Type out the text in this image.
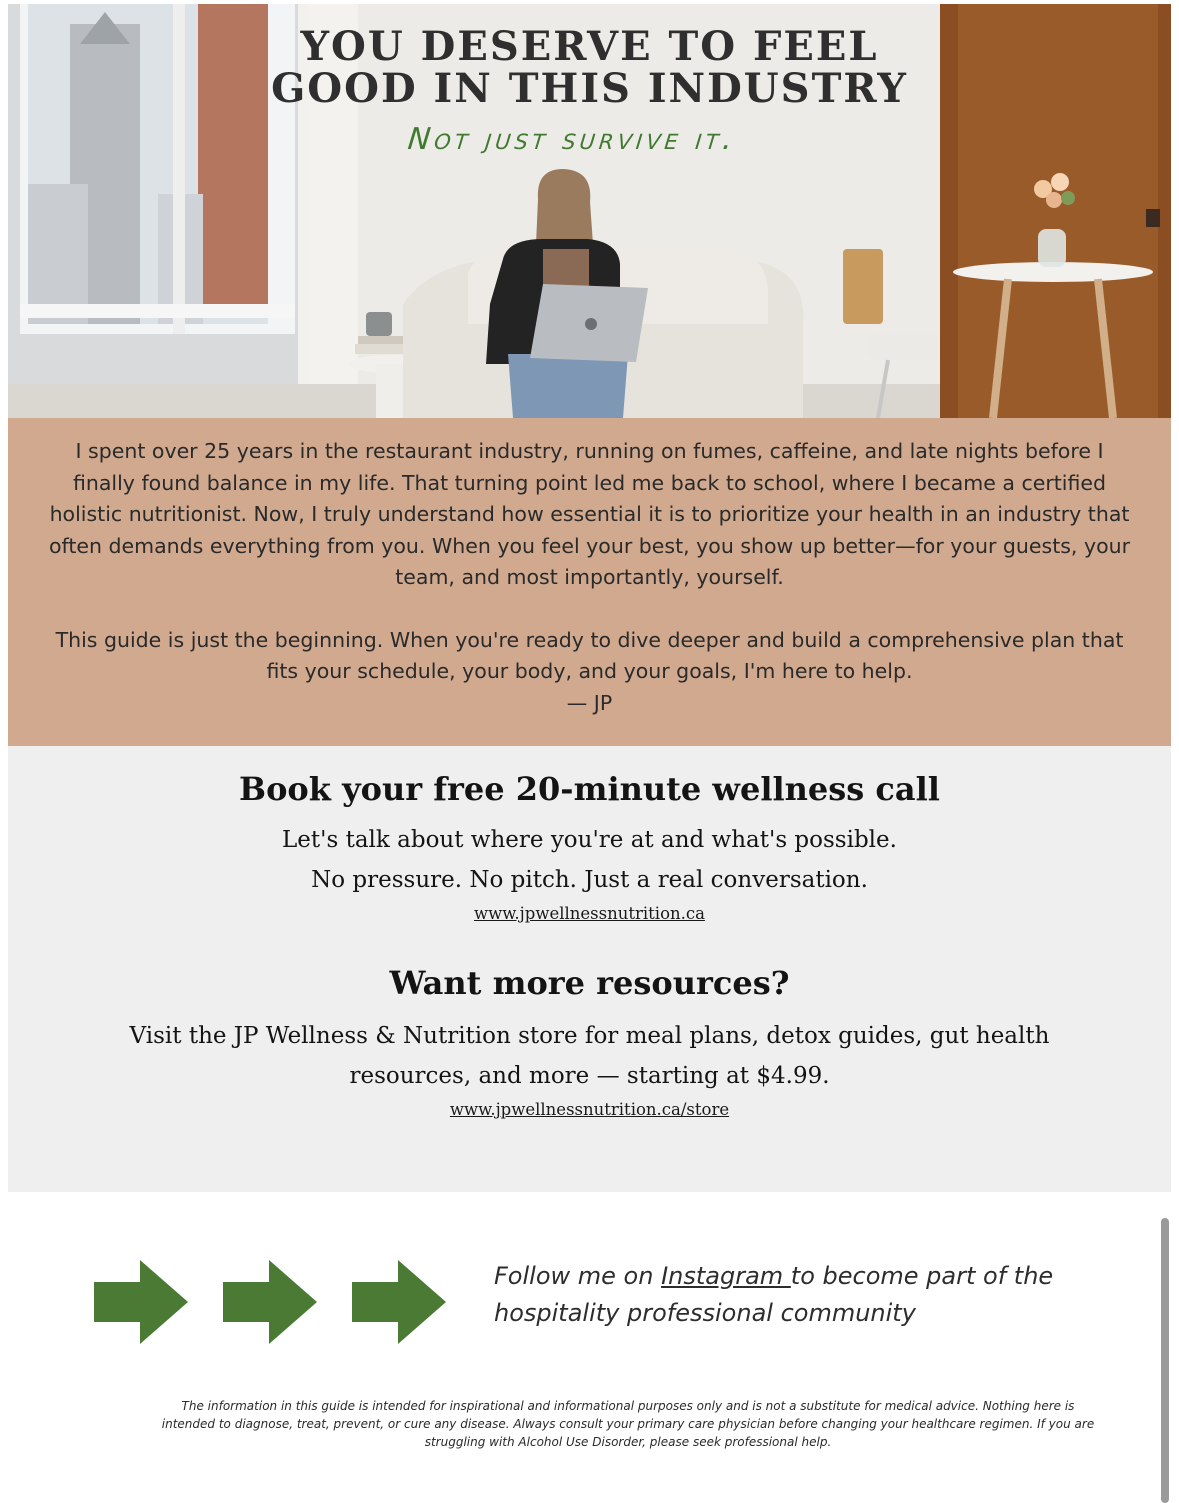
YOU DESERVE TO FEEL
GOOD IN THIS INDUSTRY
Not just survive it.

I spent over 25 years in the restaurant industry, running on fumes, caffeine, and late nights before I finally found balance in my life. That turning point led me back to school, where I became a certified holistic nutritionist. Now, I truly understand how essential it is to prioritize your health in an industry that often demands everything from you. When you feel your best, you show up better—for your guests, your team, and most importantly, yourself.

This guide is just the beginning. When you're ready to dive deeper and build a comprehensive plan that fits your schedule, your body, and your goals, I'm here to help.

— JP

Book your free 20-minute wellness call

Let's talk about where you're at and what's possible.

No pressure. No pitch. Just a real conversation.

www.jpwellnessnutrition.ca
Want more resources?

Visit the JP Wellness & Nutrition store for meal plans, detox guides, gut health resources, and more — starting at $4.99.

www.jpwellnessnutrition.ca/store
Follow me on Instagram to become part of the hospitality professional community
The information in this guide is intended for inspirational and informational purposes only and is not a substitute for medical advice. Nothing here is intended to diagnose, treat, prevent, or cure any disease. Always consult your primary care physician before changing your healthcare regimen. If you are struggling with Alcohol Use Disorder, please seek professional help.
